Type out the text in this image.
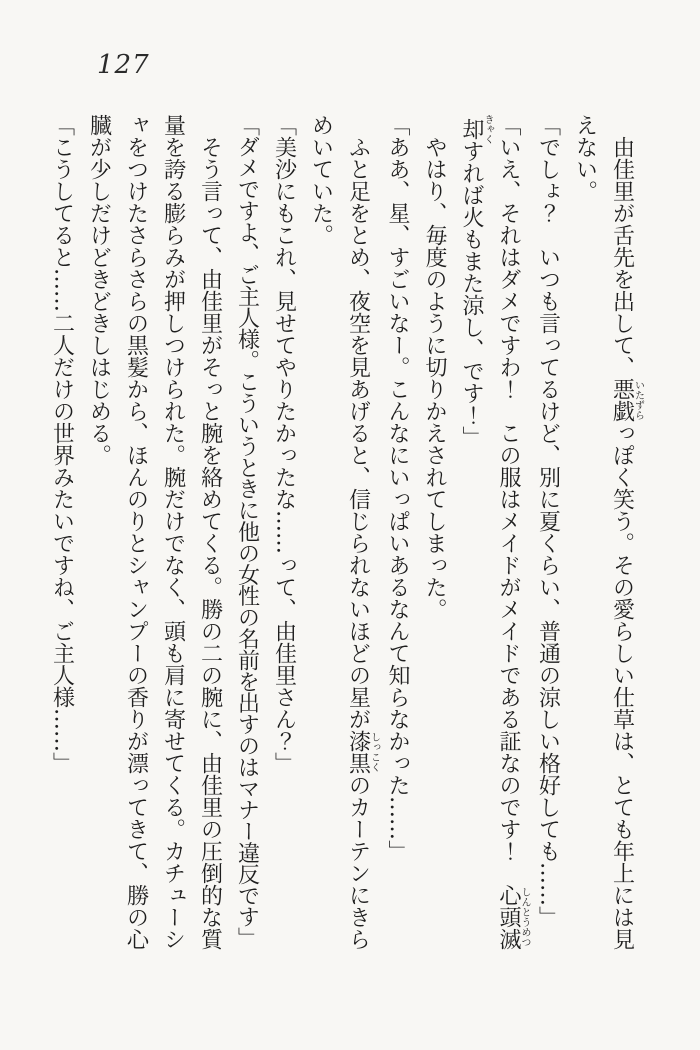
127

由佳里が舌先を出して、悪戯いたずらっぽく笑う。その愛らしい仕草は、とても年上には見えない。

「でしょ？　いつも言ってるけど、別に夏くらい、普通の涼しい格好しても……」

「いえ、それはダメですわ！　この服はメイドがメイドである証なのです！　心頭滅しんとうめつ却きゃくすれば火もまた涼し、です！」

やはり、毎度のように切りかえされてしまった。

「ああ、星、すごいなー。こんなにいっぱいあるなんて知らなかった……」

ふと足をとめ、夜空を見あげると、信じられないほどの星が漆黒しっこくのカーテンにきらめいていた。

「美沙にもこれ、見せてやりたかったな……って、由佳里さん？」

「ダメですよ、ご主人様。こういうときに他の女性の名前を出すのはマナー違反です」

そう言って、由佳里がそっと腕を絡めてくる。勝の二の腕に、由佳里の圧倒的な質量を誇る膨らみが押しつけられた。腕だけでなく、頭も肩に寄せてくる。カチューシャをつけたさらさらの黒髪から、ほんのりとシャンプーの香りが漂ってきて、勝の心臓が少しだけどきどきしはじめる。

「こうしてると……二人だけの世界みたいですね、ご主人様……」
